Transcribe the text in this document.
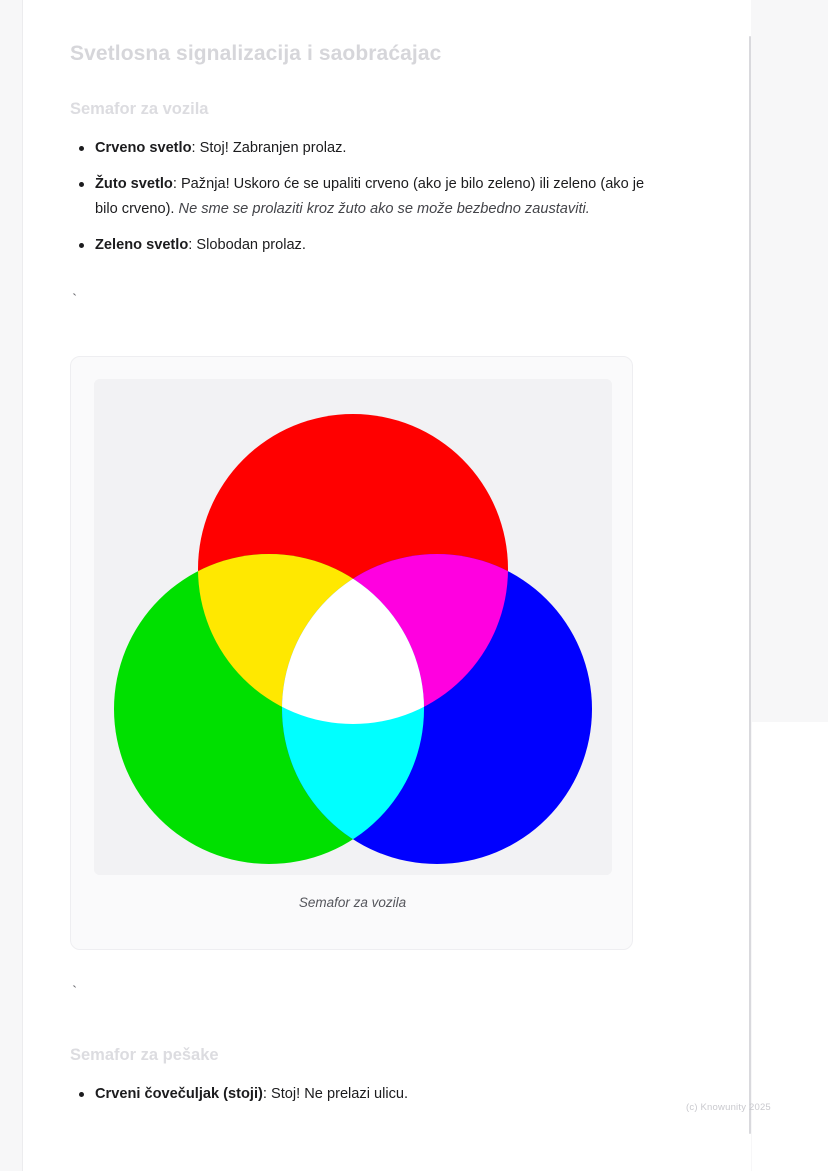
Svetlosna signalizacija i saobraćajac
Semafor za vozila
Crveno svetlo: Stoj! Zabranjen prolaz.
Žuto svetlo: Pažnja! Uskoro će se upaliti crveno (ako je bilo zeleno) ili zeleno (ako je bilo crveno). Ne sme se prolaziti kroz žuto ako se može bezbedno zaustaviti.
Zeleno svetlo: Slobodan prolaz.
`
Semafor za vozila
`
Semafor za pešake
Crveni čovečuljak (stoji): Stoj! Ne prelazi ulicu.
(c) Knowunity 2025
